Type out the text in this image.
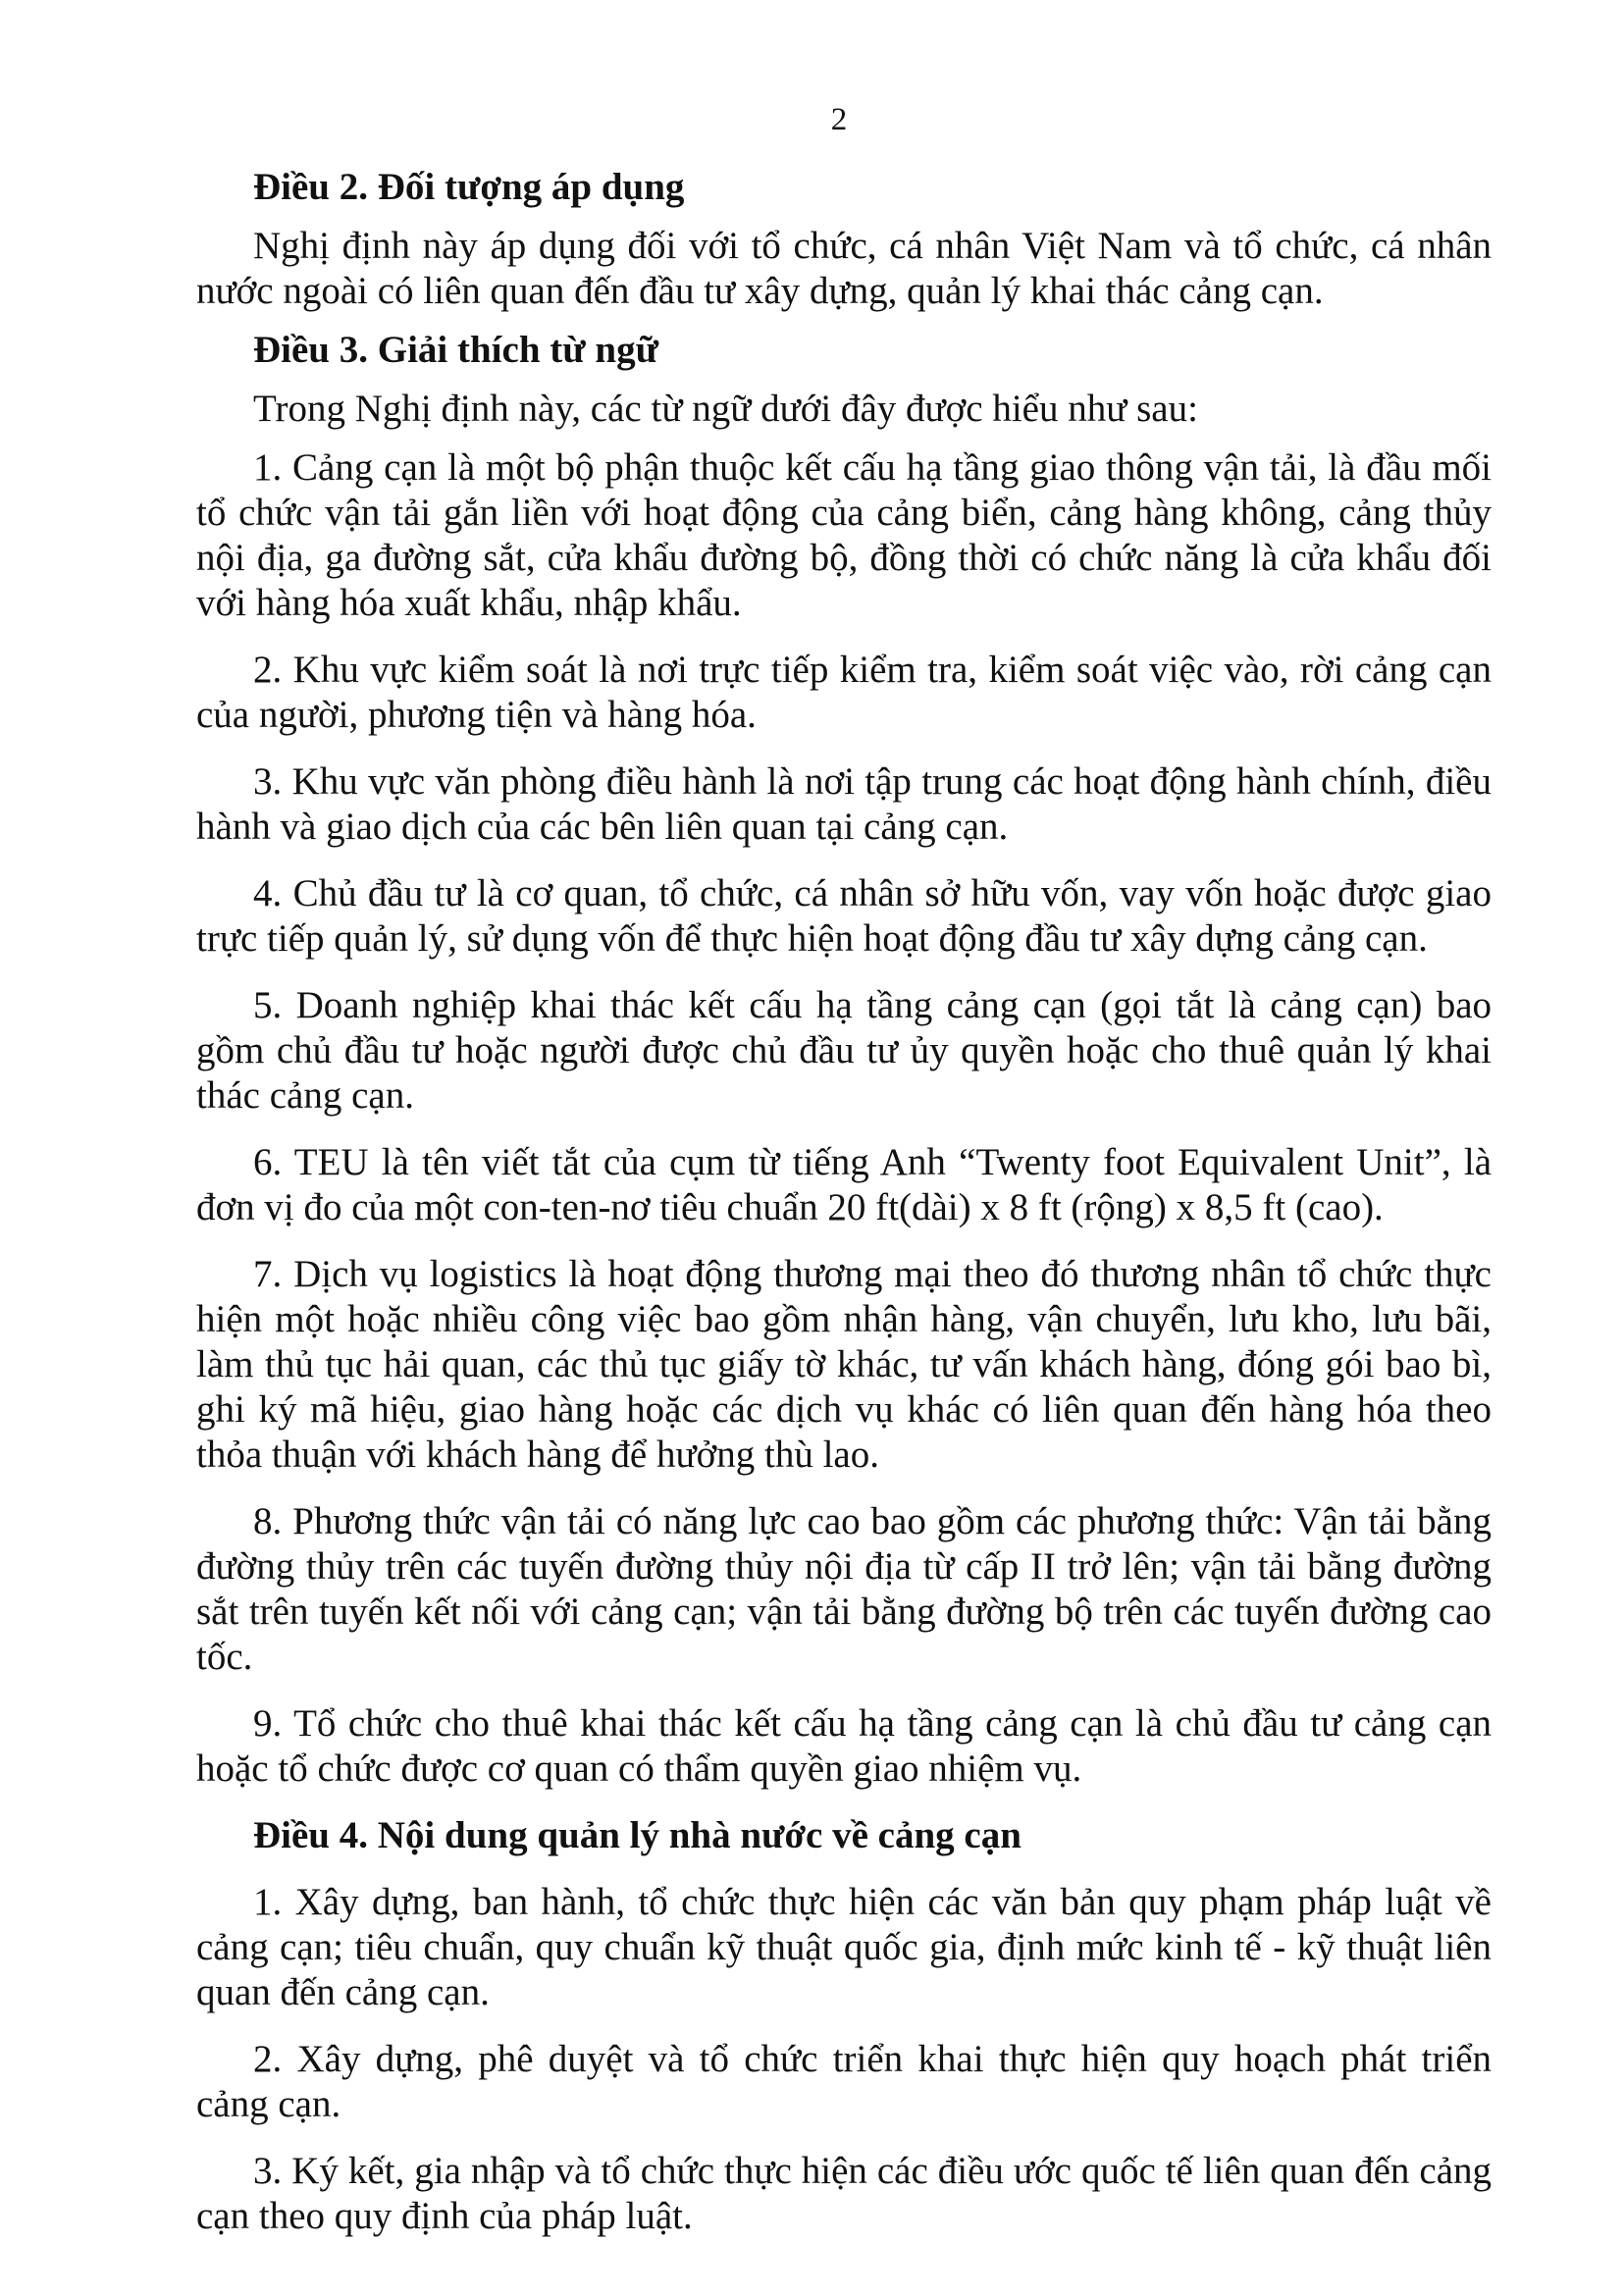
2

Điều 2. Đối tượng áp dụng

Nghị định này áp dụng đối với tổ chức, cá nhân Việt Nam và tổ chức, cá nhân nước ngoài có liên quan đến đầu tư xây dựng, quản lý khai thác cảng cạn.

Điều 3. Giải thích từ ngữ

Trong Nghị định này, các từ ngữ dưới đây được hiểu như sau:

1. Cảng cạn là một bộ phận thuộc kết cấu hạ tầng giao thông vận tải, là đầu mối tổ chức vận tải gắn liền với hoạt động của cảng biển, cảng hàng không, cảng thủy nội địa, ga đường sắt, cửa khẩu đường bộ, đồng thời có chức năng là cửa khẩu đối với hàng hóa xuất khẩu, nhập khẩu.

2. Khu vực kiểm soát là nơi trực tiếp kiểm tra, kiểm soát việc vào, rời cảng cạn của người, phương tiện và hàng hóa.

3. Khu vực văn phòng điều hành là nơi tập trung các hoạt động hành chính, điều hành và giao dịch của các bên liên quan tại cảng cạn.

4. Chủ đầu tư là cơ quan, tổ chức, cá nhân sở hữu vốn, vay vốn hoặc được giao trực tiếp quản lý, sử dụng vốn để thực hiện hoạt động đầu tư xây dựng cảng cạn.

5. Doanh nghiệp khai thác kết cấu hạ tầng cảng cạn (gọi tắt là cảng cạn) bao gồm chủ đầu tư hoặc người được chủ đầu tư ủy quyền hoặc cho thuê quản lý khai thác cảng cạn.

6. TEU là tên viết tắt của cụm từ tiếng Anh “Twenty foot Equivalent Unit”, là đơn vị đo của một con-ten-nơ tiêu chuẩn 20 ft(dài) x 8 ft (rộng) x 8,5 ft (cao).

7. Dịch vụ logistics là hoạt động thương mại theo đó thương nhân tổ chức thực hiện một hoặc nhiều công việc bao gồm nhận hàng, vận chuyển, lưu kho, lưu bãi, làm thủ tục hải quan, các thủ tục giấy tờ khác, tư vấn khách hàng, đóng gói bao bì, ghi ký mã hiệu, giao hàng hoặc các dịch vụ khác có liên quan đến hàng hóa theo thỏa thuận với khách hàng để hưởng thù lao.

8. Phương thức vận tải có năng lực cao bao gồm các phương thức: Vận tải bằng đường thủy trên các tuyến đường thủy nội địa từ cấp II trở lên; vận tải bằng đường sắt trên tuyến kết nối với cảng cạn; vận tải bằng đường bộ trên các tuyến đường cao tốc.

9. Tổ chức cho thuê khai thác kết cấu hạ tầng cảng cạn là chủ đầu tư cảng cạn hoặc tổ chức được cơ quan có thẩm quyền giao nhiệm vụ.

Điều 4. Nội dung quản lý nhà nước về cảng cạn

1. Xây dựng, ban hành, tổ chức thực hiện các văn bản quy phạm pháp luật về cảng cạn; tiêu chuẩn, quy chuẩn kỹ thuật quốc gia, định mức kinh tế - kỹ thuật liên quan đến cảng cạn.

2. Xây dựng, phê duyệt và tổ chức triển khai thực hiện quy hoạch phát triển cảng cạn.

3. Ký kết, gia nhập và tổ chức thực hiện các điều ước quốc tế liên quan đến cảng cạn theo quy định của pháp luật.
